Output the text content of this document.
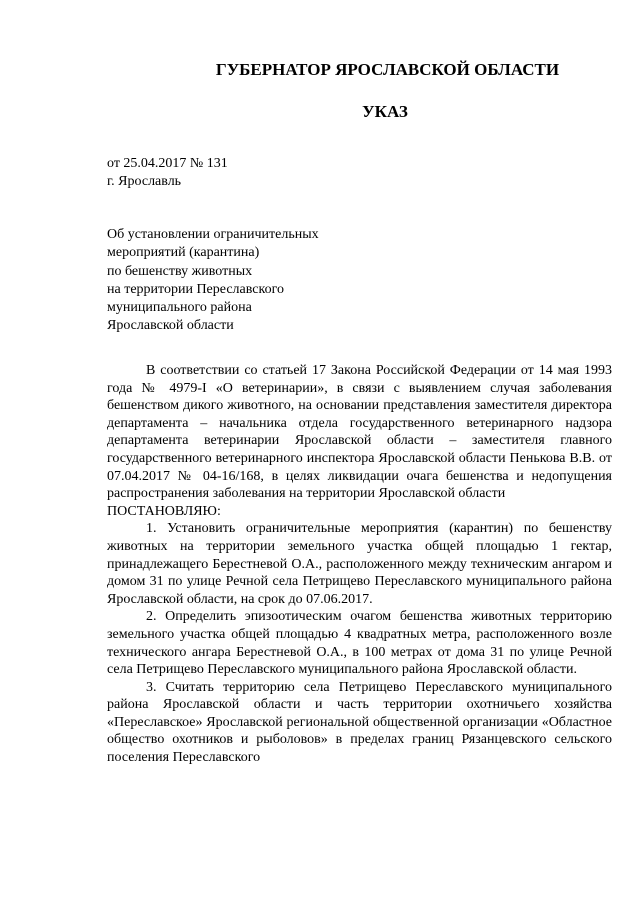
ГУБЕРНАТОР ЯРОСЛАВСКОЙ ОБЛАСТИ
УКАЗ
от 25.04.2017 № 131
г. Ярославль
Об установлении ограничительных
мероприятий (карантина)
по бешенству животных
на территории Переславского
муниципального района
Ярославской области

В соответствии со статьей 17 Закона Российской Федерации от 14 мая 1993 года № 4979-I «О ветеринарии», в связи с выявлением случая заболевания бешенством дикого животного, на основании представления заместителя директора департамента – начальника отдела государственного ветеринарного надзора департамента ветеринарии Ярославской области – заместителя главного государственного ветеринарного инспектора Ярославской области Пенькова В.В. от 07.04.2017 № 04-16/168, в целях ликвидации очага бешенства и недопущения распространения заболевания на территории Ярославской области

ПОСТАНОВЛЯЮ:

1. Установить ограничительные мероприятия (карантин) по бешенству животных на территории земельного участка общей площадью 1 гектар, принадлежащего Берестневой О.А., расположенного между техническим ангаром и домом 31 по улице Речной села Петрищево Переславского муниципального района Ярославской области, на срок до 07.06.2017.

2. Определить эпизоотическим очагом бешенства животных территорию земельного участка общей площадью 4 квадратных метра, расположенного возле технического ангара Берестневой О.А., в 100 метрах от дома 31 по улице Речной села Петрищево Переславского муниципального района Ярославской области.

3. Считать территорию села Петрищево Переславского муниципального района Ярославской области и часть территории охотничьего хозяйства «Переславское» Ярославской региональной общественной организации «Областное общество охотников и рыболовов» в пределах границ Рязанцевского сельского поселения Переславского
